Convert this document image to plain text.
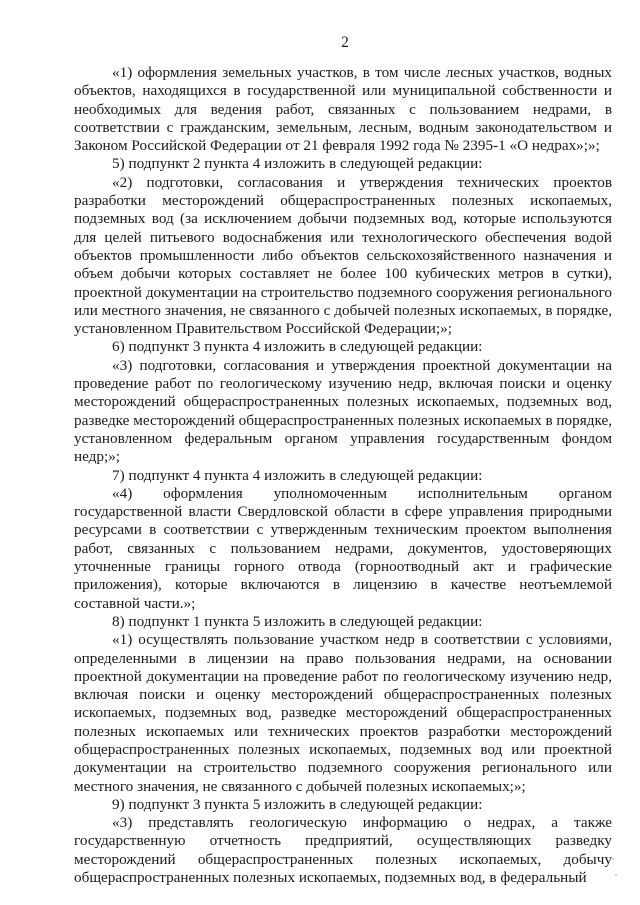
2

«1) оформления земельных участков, в том числе лесных участков, водных объектов, находящихся в государственной или муниципальной собственности и необходимых для ведения работ, связанных с пользованием недрами, в соответствии с гражданским, земельным, лесным, водным законодательством и Законом Российской Федерации от 21 февраля 1992 года № 2395-1 «О недрах»;»;

5) подпункт 2 пункта 4 изложить в следующей редакции:

«2) подготовки, согласования и утверждения технических проектов разработки месторождений общераспространенных полезных ископаемых, подземных вод (за исключением добычи подземных вод, которые используются для целей питьевого водоснабжения или технологического обеспечения водой объектов промышленности либо объектов сельскохозяйственного назначения и объем добычи которых составляет не более 100 кубических метров в сутки), проектной документации на строительство подземного сооружения регионального или местного значения, не связанного с добычей полезных ископаемых, в порядке, установленном Правительством Российской Федерации;»;

6) подпункт 3 пункта 4 изложить в следующей редакции:

«3) подготовки, согласования и утверждения проектной документации на проведение работ по геологическому изучению недр, включая поиски и оценку месторождений общераспространенных полезных ископаемых, подземных вод, разведке месторождений общераспространенных полезных ископаемых в порядке, установленном федеральным органом управления государственным фондом недр;»;

7) подпункт 4 пункта 4 изложить в следующей редакции:

«4) оформления уполномоченным исполнительным органом государственной власти Свердловской области в сфере управления природными ресурсами в соответствии с утвержденным техническим проектом выполнения работ, связанных с пользованием недрами, документов, удостоверяющих уточненные границы горного отвода (горноотводный акт и графические приложения), которые включаются в лицензию в качестве неотъемлемой составной части.»;

8) подпункт 1 пункта 5 изложить в следующей редакции:

«1) осуществлять пользование участком недр в соответствии с условиями, определенными в лицензии на право пользования недрами, на основании проектной документации на проведение работ по геологическому изучению недр, включая поиски и оценку месторождений общераспространенных полезных ископаемых, подземных вод, разведке месторождений общераспространенных полезных ископаемых или технических проектов разработки месторождений общераспространенных полезных ископаемых, подземных вод или проектной документации на строительство подземного сооружения регионального или местного значения, не связанного с добычей полезных ископаемых;»;

9) подпункт 3 пункта 5 изложить в следующей редакции:

«3) представлять геологическую информацию о недрах, а также государственную отчетность предприятий, осуществляющих разведку месторождений общераспространенных полезных ископаемых, добычу общераспространенных полезных ископаемых, подземных вод, в федеральный
